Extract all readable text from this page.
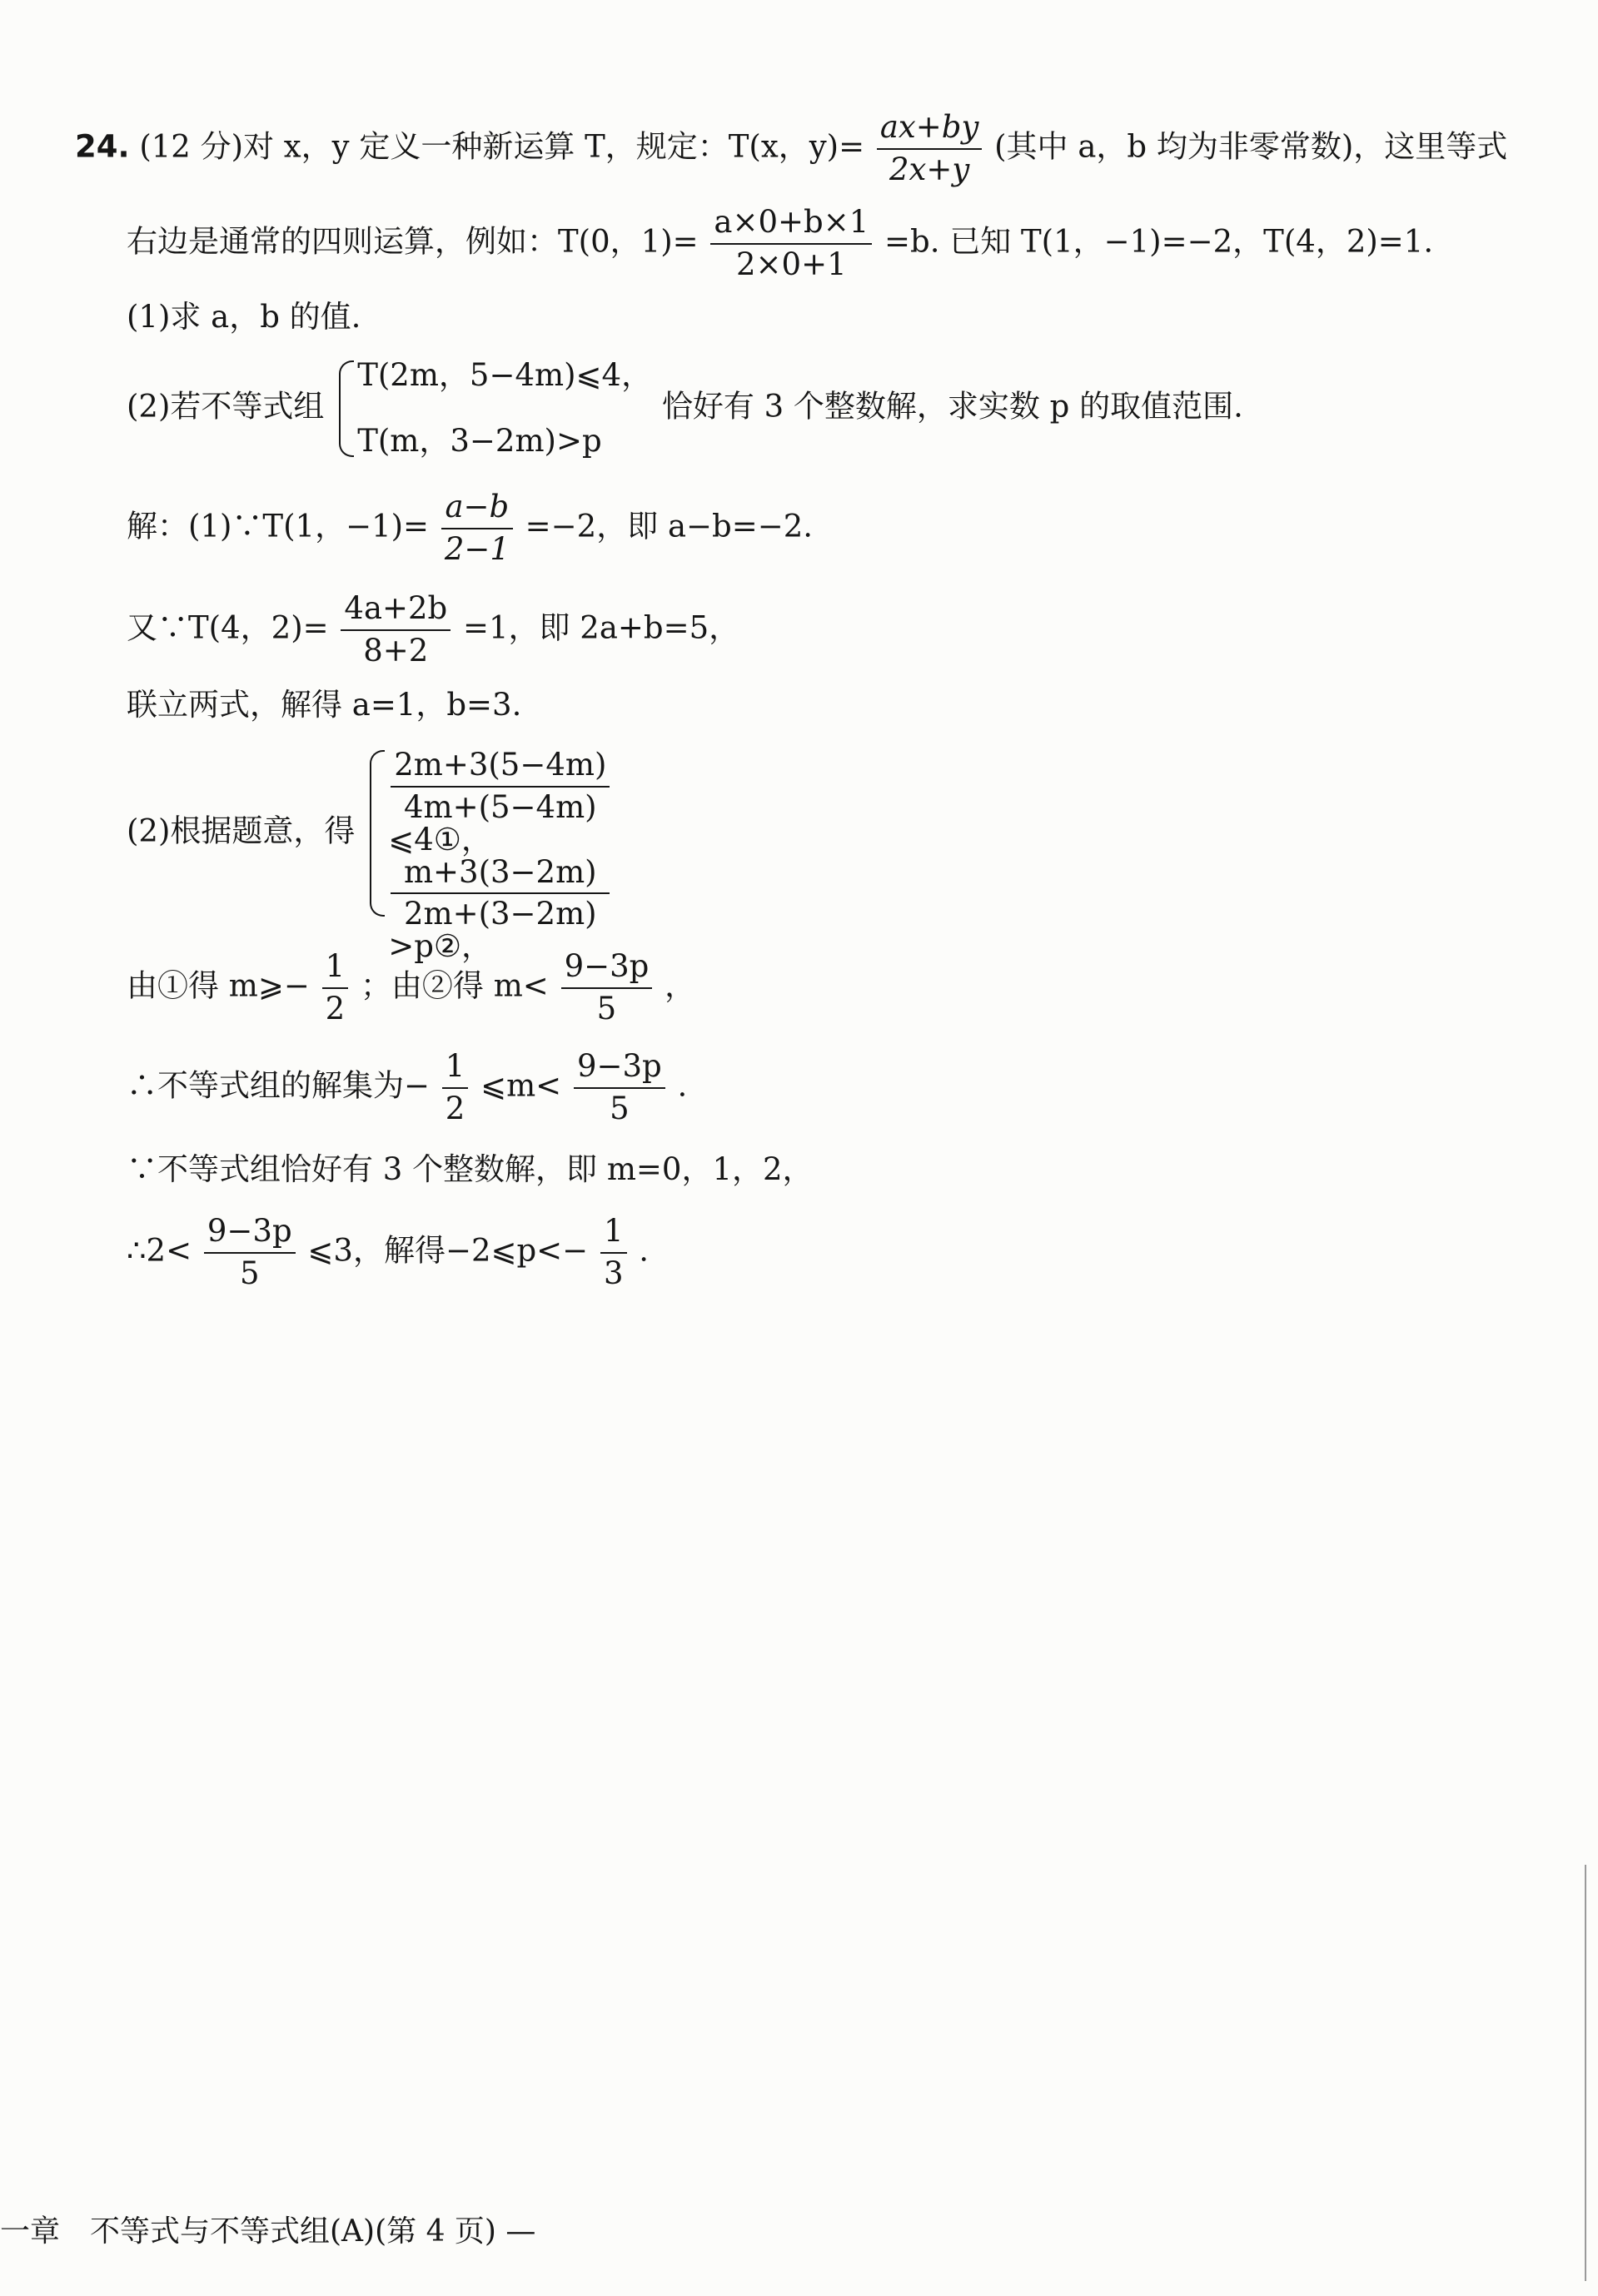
24. (12 分)对 x，y 定义一种新运算 T，规定：T(x，$y)= \frac{ax+by}{2x+y}$ (其中 a，b 均为非零常数)，这里等式
右边是通常的四则运算，例如：T(0，$1)= \frac{a\times 0+b\times 1}{2\times 0+1} =b$. 已知 T(1，−1)=−2，T(4，2)=1.
(1)求 a，b 的值.
(2)若不等式组
T(2m，5−4m)⩽4，
T(m，3−2m)>p
恰好有 3 个整数解，求实数 p 的取值范围.
解：(1)∵T(1，$-1)= \frac{a-b}{2-1} =-2$，即 a−b=−2.
又∵T(4，$2)= \frac{4a+2b}{8+2} =1$，即 2a+b=5，
联立两式，解得 a=1，b=3.
(2)根据题意，得
2m+3(5−4m)
4m+(5−4m)
⩽4①，
m+3(3−2m)
2m+(3−2m)
>p②，
由①得 m⩾− $\frac{1}{2}$ ；由②得 $m< \frac{9-3p}{5}$ ，
∴不等式组的解集为− $\frac{1}{2}$ ⩽m< $\frac{9-3p}{5}$ .
∵不等式组恰好有 3 个整数解，即 m=0，1，2，
∴2< $\frac{9-3p}{5}$ ⩽3，解得−2⩽p<− $\frac{1}{3}$ .
一章　不等式与不等式组(A)(第 4 页) —
